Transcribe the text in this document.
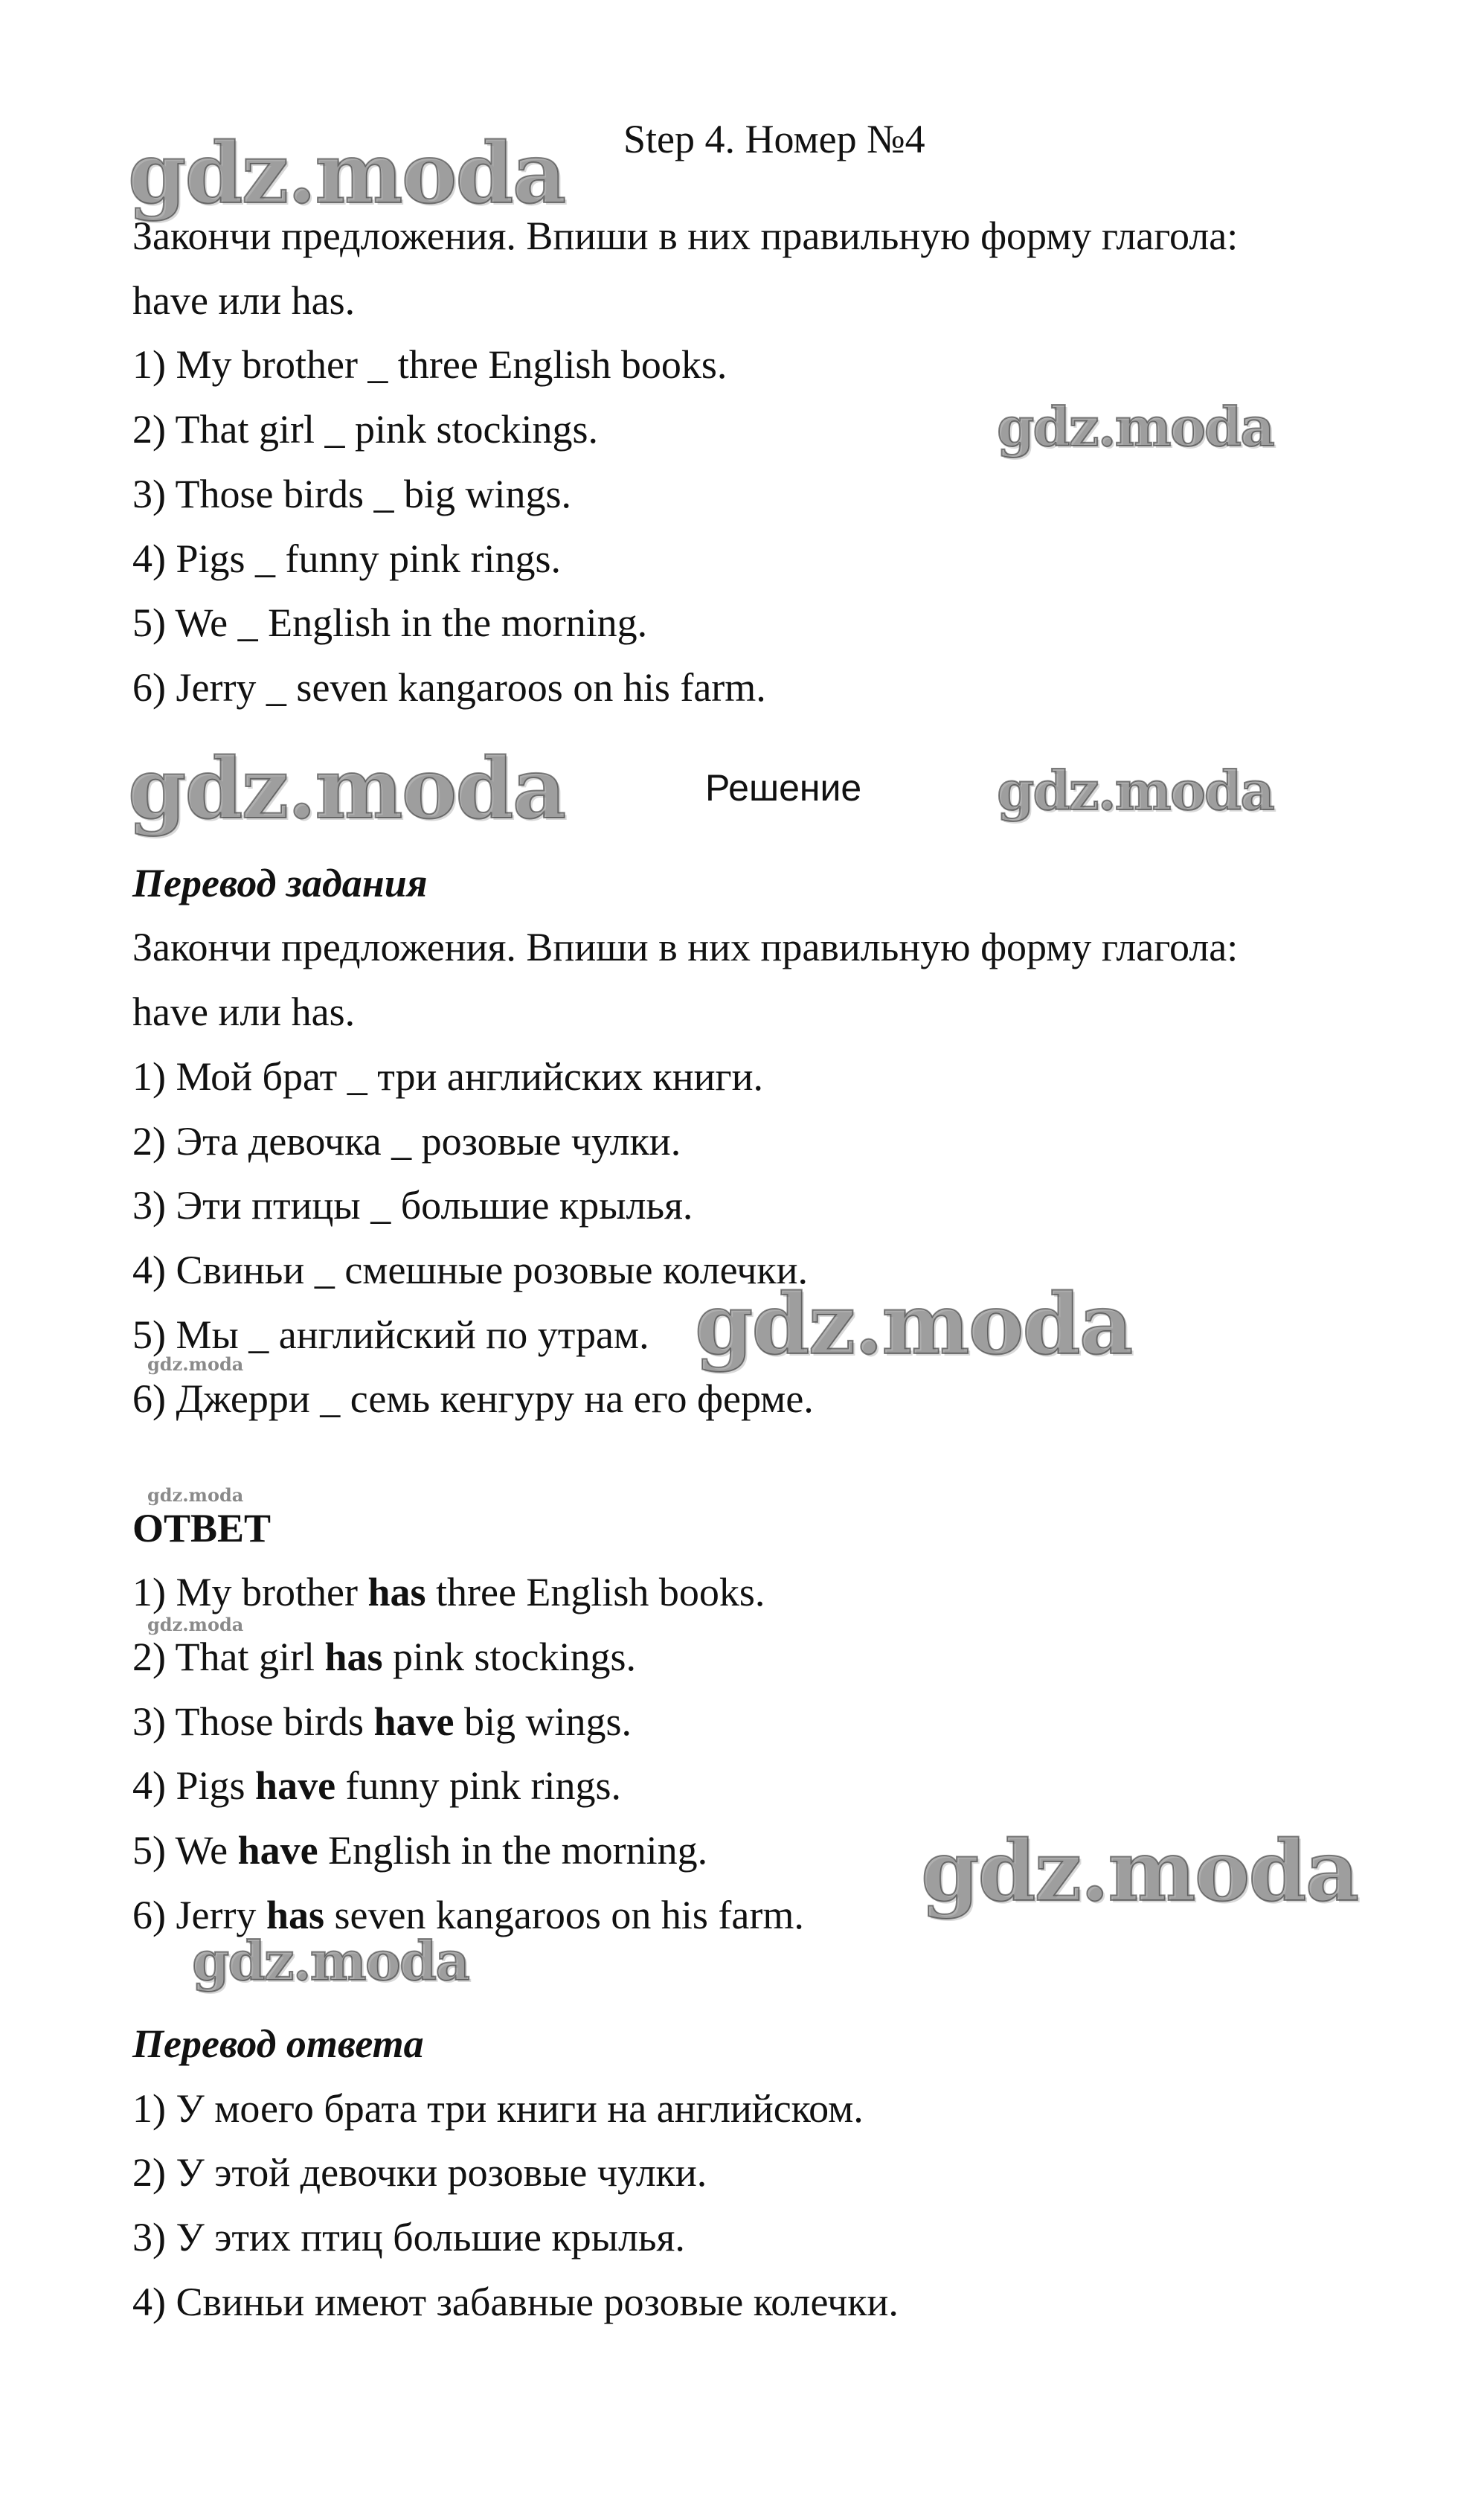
gdz.moda
gdz.moda
gdz.moda	gdz.moda
gdz.moda
gdz.moda
gdz.moda
gdz.moda
gdz.moda
gdz.moda
Step 4. Номер №4
Закончи предложения. Впиши в них правильную форму глагола:
have или has.
1) My brother _ three English books.
2) That girl _ pink stockings.
3) Those birds _ big wings.
4) Pigs _ funny pink rings.
5) We _ English in the morning.
6) Jerry _ seven kangaroos on his farm.
Решение
Перевод задания
Закончи предложения. Впиши в них правильную форму глагола:
have или has.
1) Мой брат _ три английских книги.
2) Эта девочка _ розовые чулки.
3) Эти птицы _ большие крылья.
4) Свиньи _ смешные розовые колечки.
5) Мы _ английский по утрам.
6) Джерри _ семь кенгуру на его ферме.
ОТВЕТ
1) My brother has three English books.
2) That girl has pink stockings.
3) Those birds have big wings.
4) Pigs have funny pink rings.
5) We have English in the morning.
6) Jerry has seven kangaroos on his farm.
Перевод ответа
1) У моего брата три книги на английском.
2) У этой девочки розовые чулки.
3) У этих птиц большие крылья.
4) Свиньи имеют забавные розовые колечки.
